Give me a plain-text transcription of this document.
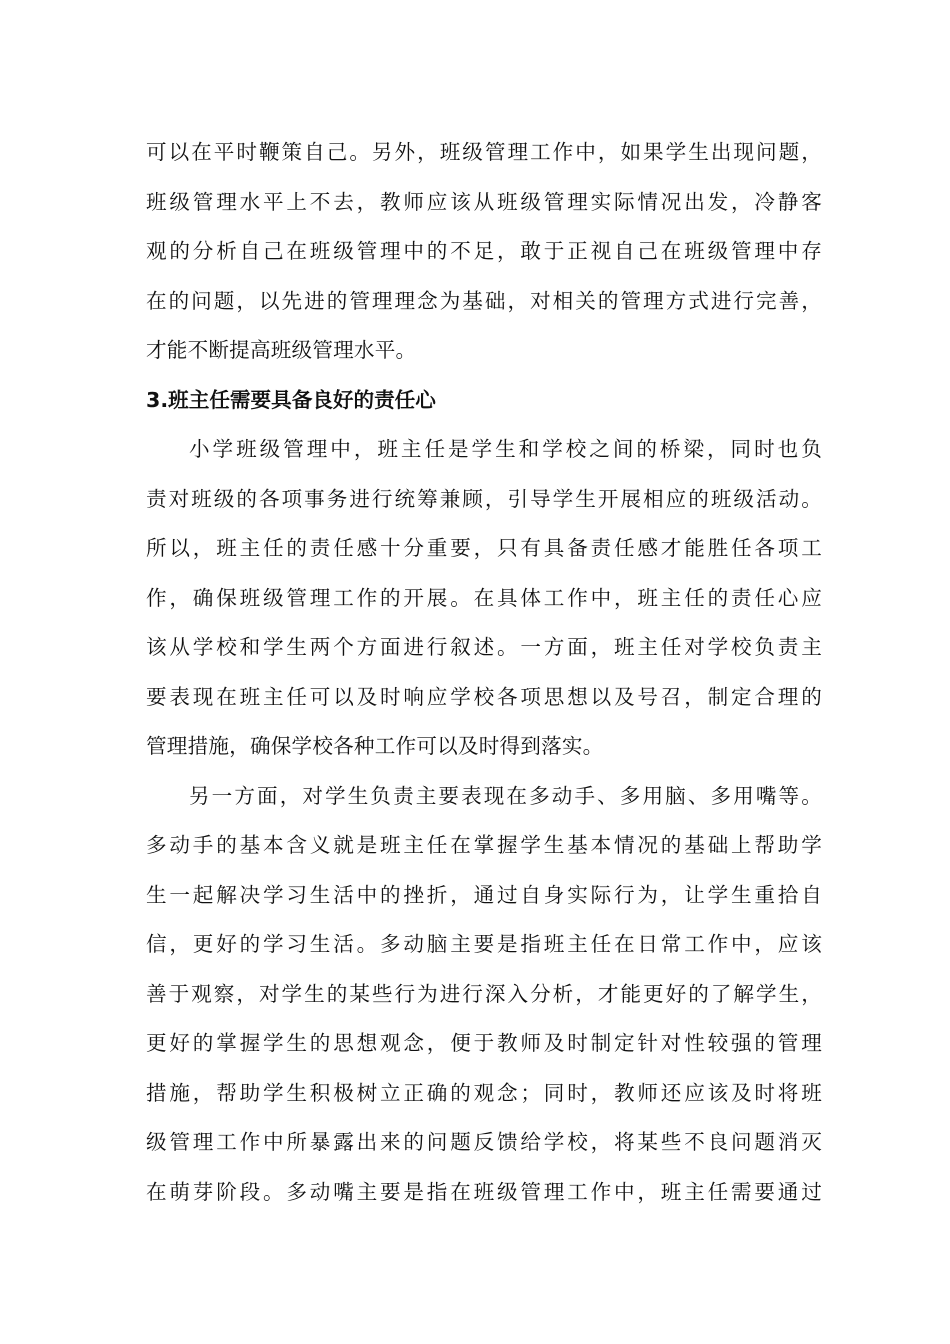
可以在平时鞭策自己。另外，班级管理工作中，如果学生出现问题，
班级管理水平上不去，教师应该从班级管理实际情况出发，冷静客
观的分析自己在班级管理中的不足，敢于正视自己在班级管理中存
在的问题，以先进的管理理念为基础，对相关的管理方式进行完善，
才能不断提高班级管理水平。
3.班主任需要具备良好的责任心
小学班级管理中，班主任是学生和学校之间的桥梁，同时也负
责对班级的各项事务进行统筹兼顾，引导学生开展相应的班级活动。
所以，班主任的责任感十分重要，只有具备责任感才能胜任各项工
作，确保班级管理工作的开展。在具体工作中，班主任的责任心应
该从学校和学生两个方面进行叙述。一方面，班主任对学校负责主
要表现在班主任可以及时响应学校各项思想以及号召，制定合理的
管理措施，确保学校各种工作可以及时得到落实。
另一方面，对学生负责主要表现在多动手、多用脑、多用嘴等。
多动手的基本含义就是班主任在掌握学生基本情况的基础上帮助学
生一起解决学习生活中的挫折，通过自身实际行为，让学生重拾自
信，更好的学习生活。多动脑主要是指班主任在日常工作中，应该
善于观察，对学生的某些行为进行深入分析，才能更好的了解学生，
更好的掌握学生的思想观念，便于教师及时制定针对性较强的管理
措施，帮助学生积极树立正确的观念；同时，教师还应该及时将班
级管理工作中所暴露出来的问题反馈给学校，将某些不良问题消灭
在萌芽阶段。多动嘴主要是指在班级管理工作中，班主任需要通过
